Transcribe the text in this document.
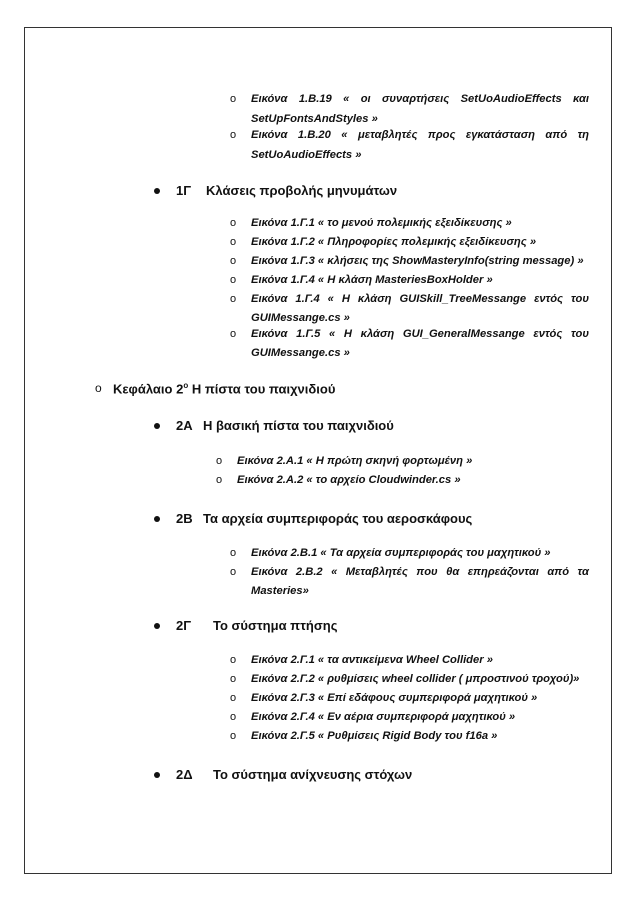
o Εικόνα 1.Β.19 « οι συναρτήσεις SetUoAudioEffects και
SetUpFontsAndStyles »
o Εικόνα 1.Β.20 « μεταβλητές προς εγκατάσταση από τη
SetUoAudioEffects »
1Γ Κλάσεις προβολής μηνυμάτων
o Εικόνα 1.Γ.1 « το μενού πολεμικής εξειδίκευσης »
o Εικόνα 1.Γ.2 « Πληροφορίες πολεμικής εξειδίκευσης »
o Εικόνα 1.Γ.3 « κλήσεις της ShowMasteryInfo(string message) »
o Εικόνα 1.Γ.4 « Η κλάση MasteriesBoxHolder »
o Εικόνα 1.Γ.4 « Η κλάση GUISkill_TreeMessange εντός του
GUIMessange.cs »
o Εικόνα 1.Γ.5 « Η κλάση GUI_GeneralMessange εντός του
GUIMessange.cs »
o Κεφάλαιο $2^o$ Η πίστα του παιχνιδιού
2Α Η βασική πίστα του παιχνιδιού
o Εικόνα 2.Α.1 « Η πρώτη σκηνή φορτωμένη »
o Εικόνα 2.Α.2 « το αρχείο Cloudwinder.cs »
2Β Τα αρχεία συμπεριφοράς του αεροσκάφους
o Εικόνα 2.Β.1 « Τα αρχεία συμπεριφοράς του μαχητικού »
o Εικόνα 2.Β.2 « Μεταβλητές που θα επηρεάζονται από τα
Masteries»
2Γ Το σύστημα πτήσης
o Εικόνα 2.Γ.1 « τα αντικείμενα Wheel Collider »
o Εικόνα 2.Γ.2 « ρυθμίσεις wheel collider ( μπροστινού τροχού)»
o Εικόνα 2.Γ.3 « Επί εδάφους συμπεριφορά μαχητικού »
o Εικόνα 2.Γ.4 « Εν αέρια συμπεριφορά μαχητικού »
o Εικόνα 2.Γ.5 « Ρυθμίσεις Rigid Body του f16a »
2Δ Το σύστημα ανίχνευσης στόχων
